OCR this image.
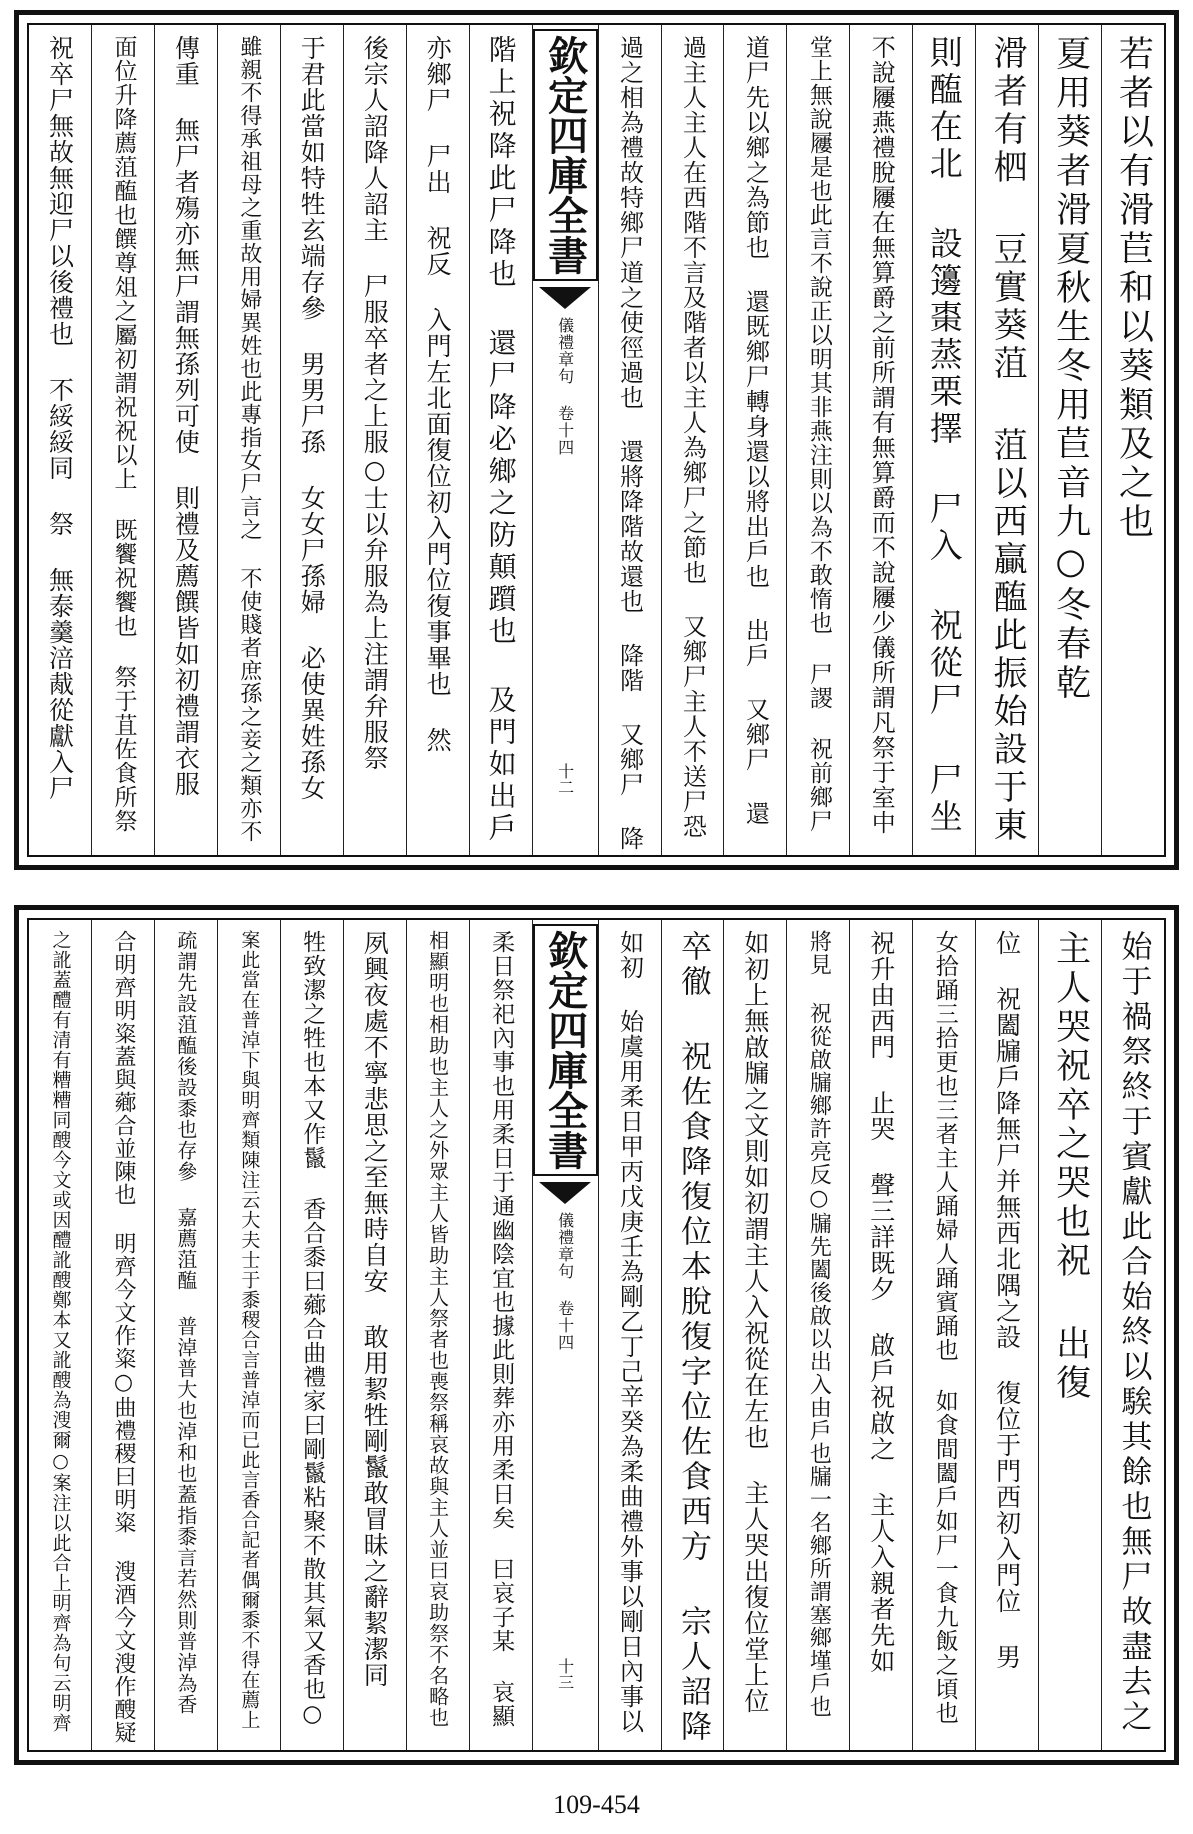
若者以有滑苣和以葵類及之也
夏用葵者滑夏秋生冬用苣音九○冬春乾
滑者有柶 豆實葵菹 菹以西贏醢此振始設于東
則醢在北 設籩棗蒸栗擇 尸入 祝從尸 尸坐
不說屨燕禮脫屨在無算爵之前所謂有無算爵而不說屨少儀所謂凡祭于室中
堂上無說屨是也此言不說正以明其非燕注則以為不敢惰也 尸謖 祝前鄉尸
道尸先以鄉之為節也 還既鄉尸轉身還以將出戶也 出戶 又鄉尸 還
過主人主人在西階不言及階者以主人為鄉尸之節也 又鄉尸主人不送尸恐
過之相為禮故特鄉尸道之使徑過也 還將降階故還也 降階 又鄉尸 降
欽定四庫全書
儀禮章句 卷十四
十二
階上祝降此尸降也 還尸降必鄉之防顛躓也 及門如出戶
亦鄉尸 尸出 祝反 入門左北面復位初入門位復事畢也 然
後宗人詔降人詔主 尸服卒者之上服○士以弁服為上注謂弁服祭
于君此當如特牲玄端存參 男男尸孫 女女尸孫婦 必使異姓孫女
雖親不得承祖母之重故用婦異姓也此專指女尸言之 不使賤者庶孫之妾之類亦不
傳重 無尸者殤亦無尸謂無孫列可使 則禮及薦饌皆如初禮謂衣服
面位升降薦菹醢也饌尊俎之屬初謂祝祝以上 既饗祝饗也 祭于苴佐食所祭
祝卒尸無故無迎尸以後禮也 不綏綏同 祭 無泰羹涪胾從獻入尸
始于禍祭終于賓獻此合始終以騃其餘也無尸故盡去之
主人哭祝卒之哭也祝 出復
位 祝闔牖戶降無尸并無西北隅之設 復位于門西初入門位 男
女拾踊三拾更也三者主人踊婦人踊賓踊也 如食間闔戶如尸一食九飯之頃也
祝升由西門 止哭 聲三詳既夕 啟戶祝啟之 主人入親者先如
將見 祝從啟牖鄉許亮反○牖先闔後啟以出入由戶也牖一名鄉所謂塞鄉墐戶也
如初上無啟牖之文則如初謂主人入祝從在左也 主人哭出復位堂上位
卒徹 祝佐食降復位本脫復字位佐食西方 宗人詔降
如初 始虞用柔日甲丙戊庚壬為剛乙丁己辛癸為柔曲禮外事以剛日內事以
欽定四庫全書
儀禮章句 卷十四
十三
柔日祭祀內事也用柔日于通幽陰宜也據此則葬亦用柔日矣 曰哀子某 哀顯
相顯明也相助也主人之外眾主人皆助主人祭者也喪祭稱哀故與主人並曰哀助祭不名略也
夙興夜處不寧悲思之至無時自安 敢用絜牲剛鬣敢冒昧之辭絜潔同
牲致潔之牲也本又作鬣 香合黍曰薌合曲禮家曰剛鬣粘聚不散其氣又香也○
案此當在普淖下與明齊類陳注云大夫士于黍稷合言普淖而已此言香合記者偶爾黍不得在薦上
疏謂先設菹醢後設黍也存參 嘉薦菹醢 普淖普大也淖和也蓋指黍言若然則普淖為香
合明齊明粢蓋與薌合並陳也 明齊今文作粢○曲禮稷曰明粢 溲酒今文溲作醙疑
之訛蓋醴有清有糟糟同醙今文或因醴訛醙鄭本又訛醙為溲爾○案注以此合上明齊為句云明齊
109-454
